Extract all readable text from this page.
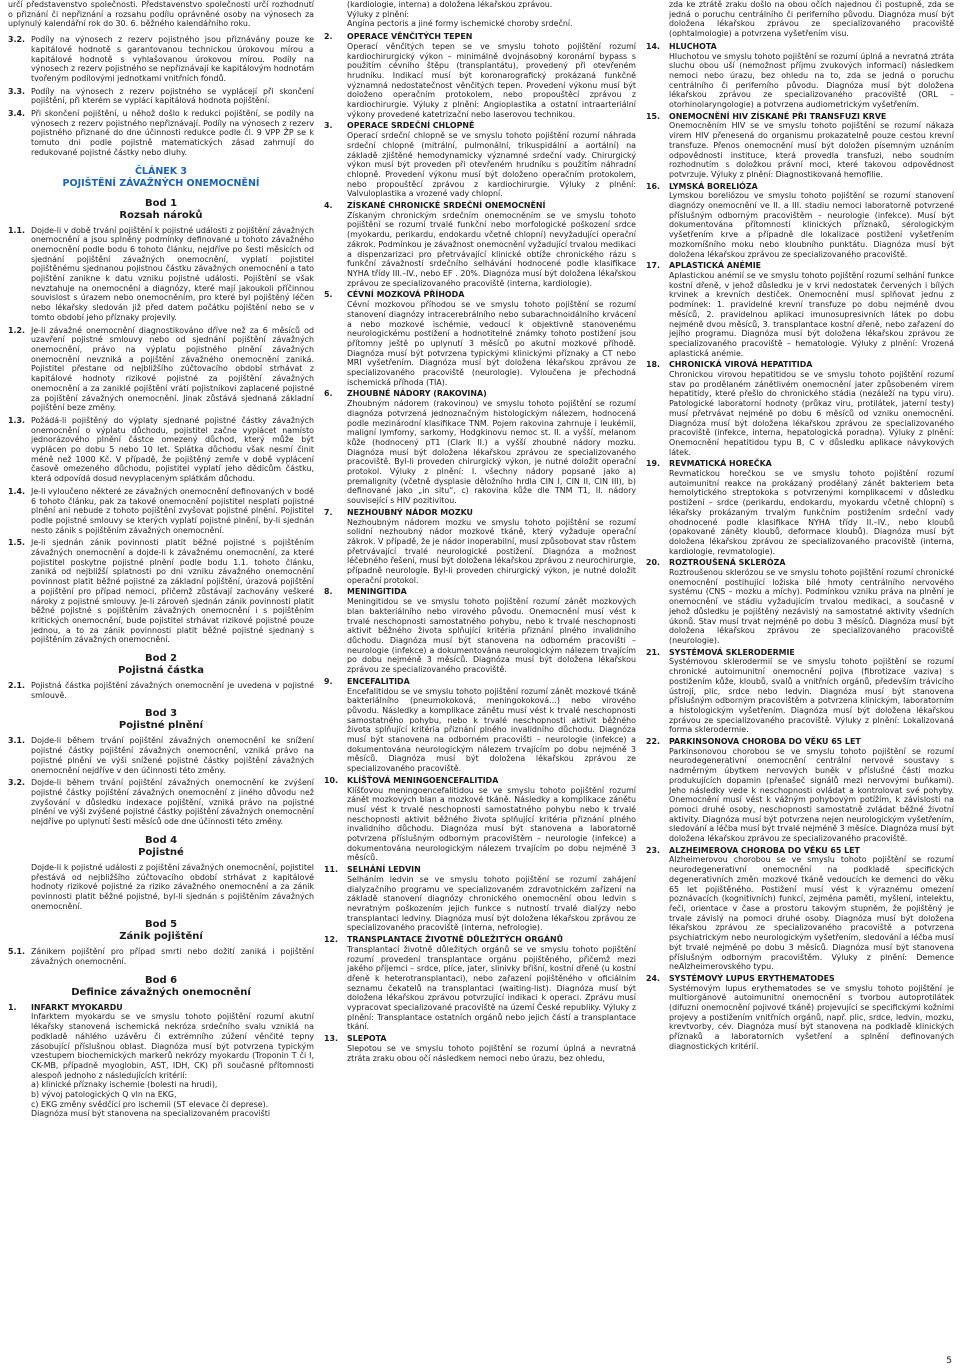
určí představenstvo společnosti. Představenstvo společnosti určí rozhodnutí o přiznání či nepřiznání a rozsahu podílu oprávněné osoby na výnosech za uplynulý kalendářní rok do 30. 6. běžného kalendářního roku.

3.2. Podíly na výnosech z rezerv pojistného jsou přiznávány pouze ke kapitálové hodnotě s garantovanou technickou úrokovou mírou a kapitálové hodnotě s vyhlašovanou úrokovou mírou. Podíly na výnosech z rezerv pojistného se nepřiznávají ke kapitálovým hodnotám tvořeným podílovými jednotkami vnitřních fondů.

3.3. Podíly na výnosech z rezerv pojistného se vyplácejí při skončení pojištění, při kterém se vyplácí kapitálová hodnota pojištění.

3.4. Při skončení pojištění, u něhož došlo k redukci pojištění, se podíly na výnosech z rezerv pojistného nepřiznávají. Podíly na výnosech z rezerv pojistného přiznané do dne účinnosti redukce podle čl. 9 VPP ŽP se k tomuto dni podle pojistně matematických zásad zahrnují do redukované pojistné částky nebo dluhy.

ČLÁNEK 3
POJIŠTĚNÍ ZÁVAŽNÝCH ONEMOCNĚNÍ
Bod 1
Rozsah nároků
1.1. Dojde-li v době trvání pojištění k pojistné události z pojištění závažných onemocnění a jsou splněny podmínky definované u tohoto závažného onemocnění podle bodu 6 tohoto článku, nejdříve po šesti měsících od sjednání pojištění závažných onemocnění, vyplatí pojistitel pojištěnému sjednanou pojistnou částku závažných onemocnění a tato pojištění zanikne k datu vzniku pojistné události. Pojištění se však nevztahuje na onemocnění a diagnózy, které mají jakoukoli příčinnou souvislost s úrazem nebo onemocněním, pro které byl pojištěný léčen nebo lékařsky sledován již před datem počátku pojištění nebo se v tomto období jeho příznaky projevily.

1.2. Je-li závažné onemocnění diagnostikováno dříve než za 6 měsíců od uzavření pojistné smlouvy nebo od sjednání pojištění závažných onemocnění, právo na výplatu pojistného plnění závažných onemocnění nevzniká a pojištění závažného onemocnění zaniká. Pojistitel přestane od nejbližšího zúčtovacího období strhávat z kapitálové hodnoty rizikové pojistné za pojištění závažných onemocnění a za zaniklé pojištění vrátí pojistníkovi zaplacené pojistné za pojištění závažných onemocnění. Jinak zůstává sjednaná základní pojištění beze změny.

1.3. Požádá-li pojištěný do výplaty sjednané pojistné částky závažných onemocnění o výplatu důchodu, pojistitel začne vyplácet namísto jednorázového plnění částce omezený důchod, který může být vyplácen po dobu 5 nebo 10 let. Splátka důchodu však nesmí činit méně než 1000 Kč. V případě, že pojištěný zemře v době vyplácení časově omezeného důchodu, pojistitel vyplatí jeho dědicům částku, která odpovídá dosud nevyplaceným splátkám důchodu.

1.4. Je-li vyloučeno některé ze závažných onemocnění definovaných v bodě 6 tohoto článku, pak za takové onemocnění pojistitel nesplatí pojistné plnění ani nebude z tohoto pojištění zvyšovat pojistné plnění. Pojistitel podle pojistné smlouvy se kterých vyplatí pojistné plnění, by-li sjednán nesto zánik s pojištěním závažných onemocnění.

1.5. Je-li sjednán zánik povinnosti platit běžné pojistné s pojištěním závažných onemocnění a dojde-li k závažnému onemocnění, za které pojistitel poskytne pojistné plnění podle bodu 1.1. tohoto článku, zaniká od nejbližší splatnosti po dni vzniku závažného onemocnění povinnost platit běžné pojistné za základní pojištění, úrazová pojištění a pojištění pro případ nemoci, přičemž zůstávají zachovány veškeré nároky z pojistné smlouvy. Je-li zároveň sjednán zánik povinnosti platit běžné pojistné s pojištěním závažných onemocnění i s pojištěním kritických onemocnění, bude pojistitel strhávat rizikové pojistné pouze jednou, a to za zánik povinnosti platit běžné pojistné sjednaný s pojištěním závažných onemocnění.

Bod 2
Pojistná částka
2.1. Pojistná částka pojištění závažných onemocnění je uvedena v pojistné smlouvě.

Bod 3
Pojistné plnění
3.1. Dojde-li během trvání pojištění závažných onemocnění ke snížení pojistné částky pojištění závažných onemocnění, vzniká právo na pojistné plnění ve výši snížené pojistné částky pojištění závažných onemocnění nejdříve v den účinnosti této změny.

3.2. Dojde-li během trvání pojištění závažných onemocnění ke zvýšení pojistné částky pojištění závažných onemocnění z jiného důvodu než zvyšování v důsledku indexace pojištění, vzniká právo na pojistné plnění ve výši zvýšené pojistné částky pojištění závažných onemocnění nejdříve po uplynutí šesti měsíců ode dne účinnosti této změny.

Bod 4
Pojistné

Dojde-li k pojistné události z pojištění závažných onemocnění, pojistitel přestává od nejbližšího zúčtovacího období strhávat z kapitálové hodnoty rizikové pojistné za riziko závažného onemocnění a za zánik povinnosti platit běžné pojistné, byl-li sjednán s pojištěním závažných onemocnění.

Bod 5
Zánik pojištění
5.1. Zánikem pojištění pro případ smrti nebo dožití zaniká i pojištění závažných onemocnění.

Bod 6
Definice závažných onemocnění
1.	INFARKT MYOKARDU

Infarktem myokardu se ve smyslu tohoto pojištění rozumí akutní lékařsky stanovená ischemická nekróza srdečního svalu vzniklá na podkladě náhlého uzávěru či extrémního zúžení věnčité tepny zásobující příslušnou oblast. Diagnóza musí být potvrzena typickým vzestupem biochemických markerů nekrózy myokardu (Troponin T či I, CK-MB, případně myoglobin, AST, IDH, CK) při současné přítomnosti alespoň jednoho z následujících kritérií:

a) klinické příznaky ischemie (bolesti na hrudi),
b) vývoj patologických Q vln na EKG,
c) EKG změny svědčící pro ischemii (ST elevace či deprese).

Diagnóza musí být stanovena na specializovaném pracovišti

(kardiologie, interna) a doložena lékařskou zprávou.

Výluky z plnění:

Angína pectoris a jiné formy ischemické choroby srdeční.

2.	OPERACE VĚNČITÝCH TEPEN

Operací věnčitých tepen se ve smyslu tohoto pojištění rozumí kardiochirurgický výkon – minimálně dvojnásobný koronární bypass s použitím cévního štěpu (transplantátu), provedený při otevřeném hrudníku. Indikací musí být koronarografický prokázaná funkčně významná nedostatečnost věnčitých tepen. Provedení výkonu musí být doloženo operačním protokolem, nebo propouštěcí zprávou z kardiochirurgie. Výluky z plnění: Angioplastika a ostatní intraarteriální výkony provedené katetrizační nebo laserovou technikou.

3.	OPERACE SRDEČNÍ CHLOPNĚ

Operací srdeční chlopně se ve smyslu tohoto pojištění rozumí náhrada srdeční chlopně (mitrální, pulmonální, trikuspidální a aortální) na základě zjištěné hemodynamicky významné srdeční vady. Chirurgický výkon musí být proveden při otevřeném hrudníku s použitím náhradní chlopně. Provedení výkonu musí být doloženo operačním protokolem, nebo propouštěcí zprávou z kardiochirurgie. Výluky z plnění: Valvuloplastika a vrozené vady chlopní.

4.	ZÍSKANÉ CHRONICKÉ SRDEČNÍ ONEMOCNĚNÍ

Získaným chronickým srdečním onemocněním se ve smyslu tohoto pojištění se rozumí trvalé funkční nebo morfologické poškození srdce (myokardu, perikardu, endokardu včetně chlopní) nevyžadující operační zákrok. Podmínkou je závažnost onemocnění vyžadující trvalou medikaci a dispenzarizaci pro přetrvávající klinické obtíže chronického rázu s funkční závažností srdečního selhávání hodnocené podle klasifikace NYHA třídy III.–IV., nebo EF . 20%. Diagnóza musí být doložena lékařskou zprávou ze specializovaného pracoviště (interna, kardiologie).

5.	CÉVNÍ MOZKOVÁ PŘÍHODA

Cévní mozkovou příhodou se ve smyslu tohoto pojištění se rozumí stanovení diagnózy intracerebrálního nebo subarachnoidálního krvácení a nebo mozkové ischémie, vedoucí k objektivně stanovenému neurologickému postižení a hodnotitelné známky tohoto postižení jsou přítomny ještě po uplynutí 3 měsíců po akutní mozkové příhodě. Diagnóza musí být potvrzena typickými klinickými příznaky a CT nebo MRI vyšetřením. Diagnóza musí být doložena lékařskou zprávou ze specializovaného pracoviště (neurologie). Vyloučena je přechodná ischemická příhoda (TIA).

6.	ZHOUBNÉ NÁDORY (RAKOVINA)

Zhoubným nádorem (rakovinou) ve smyslu tohoto pojištění se rozumí diagnóza potvrzená jednoznačným histologickým nálezem, hodnocená podle mezinárodní klasifikace TNM. Pojem rakovina zahrnuje i leukémii, maligní lymfomy, sarkomy, Hodgkinovu nemoc st. II. a vyšší, melanom kůže (hodnocený pT1 (Clark II.) a vyšší zhoubné nádory mozku. Diagnóza musí být doložena lékařskou zprávou ze specializovaného pracoviště. Byl-li proveden chirurgický výkon, je nutné doložit operační protokol. Výluky z plnění: I. všechny nádory popsané jako a) premalignity (včetně dysplasie děložního hrdla CIN I, CIN II, CIN III), b) definované jako „in situ“, c) rakovina kůže dle TNM T1, II. nádory související s HIV pozitivitou.

7.	NEZHOUBNÝ NÁDOR MOZKU

Nezhoubným nádorem mozku ve smyslu tohoto pojištění se rozumí solidní nezhoubný nádor mozkové tkáně, který vyžaduje operační zákrok. V případě, že je nádor inoperabilní, musí způsobovat stav růstem přetrvávající trvalé neurologické postižení. Diagnóza a možnost léčebného řešení, musí být doložena lékařskou zprávou z neurochirurgie, případně neurologie. Byl-li proveden chirurgický výkon, je nutné doložit operační protokol.

8.	MENINGITIDA

Meningitidou se ve smyslu tohoto pojištění rozumí zánět mozkových blan bakteriálního nebo virového původu. Onemocnění musí vést k trvalé neschopnosti samostatného pohybu, nebo k trvalé neschopnosti aktivit běžného života splňující kritéria přiznání plného invalidního důchodu. Diagnóza musí být stanovena na odborném pracovišti – neurologie (infekce) a dokumentována neurologickým nálezem trvajícím po dobu nejméně 3 měsíců. Diagnóza musí být doložena lékařskou zprávou ze specializovaného pracoviště.

9.	ENCEFALITIDA

Encefalitidou se ve smyslu tohoto pojištění rozumí zánět mozkové tkáně bakteriálního (pneumokoková, meningokoková…) nebo virového původu. Následky a komplikace zánětu musí vést k trvalé neschopnosti samostatného pohybu, nebo k trvalé neschopnosti aktivit běžného života splňující kritéria přiznání plného invalidního důchodu. Diagnóza musí být stanovena na odborném pracovišti – neurologie (infekce) a dokumentována neurologickým nálezem trvajícím po dobu nejméně 3 měsíců. Diagnóza musí být doložena lékařskou zprávou ze specializovaného pracoviště.

10.	KLÍŠŤOVÁ MENINGOENCEFALITIDA

Klíšťovou meningoencefalitidou se ve smyslu tohoto pojištění rozumí zánět mozkových blan a mozkové tkáně. Následky a komplikace zánětu musí vést k trvalé neschopnosti samostatného pohybu nebo k trvalé neschopnosti aktivit běžného života splňující kritéria přiznání plného invalidního důchodu. Diagnóza musí být stanovena a laboratorně potvrzena příslušným odborným pracovištěm – neurologie (infekce) a dokumentována neurologickým nálezem trvajícím po dobu nejméně 3 měsíců.

11.	SELHÁNÍ LEDVIN

Selháním ledvin se ve smyslu tohoto pojištění se rozumí zahájení dialyzačního programu ve specializovaném zdravotnickém zařízení na základě stanovení diagnózy chronického onemocnění obou ledvin s nevratným poškozením jejich funkce s nutností trvalé dialýzy nebo transplantaci ledviny. Diagnóza musí být doložena lékařskou zprávou ze specializovaného pracoviště (interna, nefrologie).

12.	TRANSPLANTACE ŽIVOTNĚ DŮLEŽITÝCH ORGÁNŮ

Transplantací životně důležitých orgánů se ve smyslu tohoto pojištění rozumí provedení transplantace orgánu pojištěného, přičemž mezi jakého příjemci – srdce, plíce, jater, slinivky břišní, kostní dřeně (u kostní dřeně k heterotransplantaci), nebo zařazení pojištěného v oficiálním seznamu čekatelů na transplantaci (waiting-list). Diagnóza musí být doložena lékařskou zprávou potvrzující indikaci k operaci. Zprávu musí vypracovat specializované pracoviště na území České republiky. Výluky z plnění: Transplantace ostatních orgánů nebo jejich částí a transplantace tkání.

13.	SLEPOTA

Slepotou se ve smyslu tohoto pojištění se rozumí úplná a nevratná ztráta zraku obou očí následkem nemoci nebo úrazu, bez ohledu,

zda ke ztrátě zraku došlo na obou očích najednou či postupně, zda se jedná o poruchu centrálního či periferního původu. Diagnóza musí být doložena lékařskou zprávou ze specializovaného pracoviště (ophtalmologie) a potvrzena vyšetřením visu.

14.	HLUCHOTA

Hluchotou ve smyslu tohoto pojištění se rozumí úplná a nevratná ztráta sluchu obou uší (nemožnost příjmu zvukových informací) následkem nemoci nebo úrazu, bez ohledu na to, zda se jedná o poruchu centrálního či periferního původu. Diagnóza musí být doložena lékařskou zprávou ze specializovaného pracoviště (ORL – otorhinolaryngologie) a potvrzena audiometrickým vyšetřením.

15.	ONEMOCNĚNÍ HIV ZÍSKANÉ PŘI TRANSFUZI KRVE

Onemocněním HIV se ve smyslu tohoto pojištění se rozumí nákaza virem HIV přenesená do organismu prokazatelně pouze cestou krevní transfuze. Přenos onemocnění musí být doložen písemným uznáním odpovědnosti instituce, která provedla transfuzi, nebo soudním rozhodnutím s doložkou právní moci, které takovou odpovědnost potvrzuje. Výluky z plnění: Diagnostikovaná hemofilie.

16.	LYMSKÁ BORELIÓZA

Lymskou boreliózou ve smyslu tohoto pojištění se rozumí stanovení diagnózy onemocnění ve II. a III. stadiu nemoci laboratorně potvrzené příslušným odborným pracovištěm – neurologie (infekce). Musí být dokumentována přítomností klinických příznaků, sérologickým vyšetřením krve a případně dle lokalizace postižení vyšetřením mozkomíšního moku nebo kloubního punktátu. Diagnóza musí být doložena lékařskou zprávou ze specializovaného pracoviště.

17.	APLASTICKÁ ANÉMIE

Aplastickou anémií se ve smyslu tohoto pojištění rozumí selhání funkce kostní dřeně, v jehož důsledku je v krvi nedostatek červených i bílých krvinek a krevních destiček. Onemocnění musí splňovat jednu z podmínek: 1. pravidelné krevní transfuze po dobu nejméně dvou měsíců, 2. pravidelnou aplikaci imunosupresivních látek po dobu nejméně dvou měsíců, 3. transplantace kostní dřeně, nebo zařazení do jejího programu. Diagnóza musí být doložena lékařskou zprávou ze specializovaného pracoviště – hematologie. Výluky z plnění: Vrozená aplastická anémie.

18.	CHRONICKÁ VIROVÁ HEPATITIDA

Chronickou virovou hepatitidou se ve smyslu tohoto pojištění rozumí stav po prodělaném zánětlivém onemocnění jater způsobeném virem hepatitidy, které přešlo do chronického stádia (nezáleží na typu viru). Patologické laboratorní hodnoty (průkaz viru, protilátek, jaterní testy) musí přetrvávat nejméně po dobu 6 měsíců od vzniku onemocnění. Diagnóza musí být doložena lékařskou zprávou ze specializovaného pracoviště (infekce, interna, hepatologická poradna). Výluky z plnění: Onemocnění hepatitidou typu B, C v důsledku aplikace návykových látek.

19.	REVMATICKÁ HOREČKA

Revmatickou horečkou se ve smyslu tohoto pojištění rozumí autoimunitní reakce na prokázaný prodělaný zánět bakteriem beta hemolytického streptokoka s potvrzenými komplikacemi v důsledku postižení – srdce (perikardu, endokardu, myokardu včetně chlopní) s lékařsky prokázaným trvalým funkčním postižením srdeční vady ohodnocené podle klasifikace NYHA třídy II.–IV., nebo kloubů (opakované záněty kloubů, deformace kloubů). Diagnóza musí být doložena lékařskou zprávou ze specializovaného pracoviště (interna, kardiologie, revmatologie).

20.	ROZTROUŠENÁ SKLERÓZA

Roztroušenou sklerózou se ve smyslu tohoto pojištění rozumí chronické onemocnění postihující ložiska bílé hmoty centrálního nervového systému (CNS – mozku a míchy). Podmínkou vzniku práva na plnění je onemocnění ve stádiu vyžadujícím trvalou medikaci, a současně v jehož důsledku je pojištěný nezávislý na samostatné aktivity všedních úkonů. Stav musí trvat nejméně po dobu 3 měsíců. Diagnóza musí být doložena lékařskou zprávou ze specializovaného pracoviště (neurologie).

21.	SYSTÉMOVÁ SKLERODERMIE

Systémovou sklerodermií se ve smyslu tohoto pojištění se rozumí chronické autoimunitní onemocnění pojiva (fibrotizace vaziva) s postižením kůže, kloubů, svalů a vnitřních orgánů, především trávicího ústrojí, plic, srdce nebo ledvin. Diagnóza musí být stanovena příslušným odborným pracovištěm a potvrzena klinickým, laboratorním a histologickým vyšetřením. Diagnóza musí být doložena lékařskou zprávou ze specializovaného pracoviště. Výluky z plnění: Lokalizovaná forma sklerodermie.

22.	PARKINSONOVA CHOROBA DO VĚKU 65 LET

Parkinsonovou chorobou se ve smyslu tohoto pojištění se rozumí neurodegenerativní onemocnění centrální nervové soustavy s nadměrným úbytkem nervových buněk v příslušné části mozku produkujících dopamin (přenašeč signálů mezi nervovými buňkami). Jeho následky vede k neschopnosti ovládat a kontrolovat své pohyby. Onemocnění musí vést k vážným pohybovým potížím, k závislosti na pomoci druhé osoby, neschopnosti samostatně zvládat běžné životní aktivity. Diagnóza musí být potvrzena nejen neurologickým vyšetřením, sledování a léčba musí být trvalé nejméně 3 měsíce. Diagnóza musí být doložena lékařskou zprávou ze specializovaného pracoviště.

23.	ALZHEIMEROVA CHOROBA DO VĚKU 65 LET

Alzheimerovou chorobou se ve smyslu tohoto pojištění se rozumí neurodegenerativní onemocnění na podkladě specifických degenerativních změn mozkové tkáně vedoucích ke demenci do věku 65 let pojištěného. Postižení musí vést k výraznému omezení poznávacích (kognitivních) funkcí, zejména paměti, myšlení, intelektu, řeči, orientace v čase a prostoru takovým stupněm, že pojištěný je trvale závislý na pomoci druhé osoby. Diagnóza musí být doložena lékařskou zprávou ze specializovaného pracoviště a potvrzena psychiatrickým nebo neurologickým vyšetřením, sledování a léčba musí být trvalé nejméně po dobu 3 měsíců. Diagnóza musí být stanovena příslušným odborným pracovištěm. Výluky z plnění: Demence neAlzheimerovského typu.

24.	SYSTÉMOVÝ LUPUS ERYTHEMATODES

Systémovým lupus erythematodes se ve smyslu tohoto pojištění je multiorgánové autoimunitní onemocnění s tvorbou autoprotilátek (difuzní onemocnění pojivové tkáně) projevující se specifickými kožními projevy a postižením vnitřních orgánů, např. plic, srdce, ledvin, mozku, krevtvorby, cév. Diagnóza musí být stanovena na podkladě klinických příznaků a laboratorních vyšetření a splnění definovaných diagnostických kritérií.

5
